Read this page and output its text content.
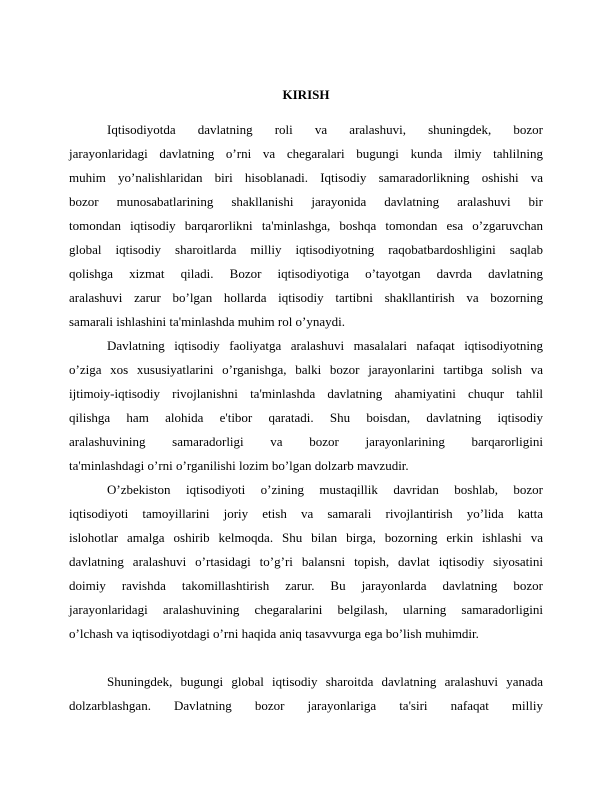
KIRISH
Iqtisodiyotda davlatning roli va aralashuvi, shuningdek, bozor
jarayonlaridagi davlatning o’rni va chegaralari bugungi kunda ilmiy tahlilning
muhim yo’nalishlaridan biri hisoblanadi. Iqtisodiy samaradorlikning oshishi va
bozor munosabatlarining shakllanishi jarayonida davlatning aralashuvi bir
tomondan iqtisodiy barqarorlikni ta'minlashga, boshqa tomondan esa o’zgaruvchan
global iqtisodiy sharoitlarda milliy iqtisodiyotning raqobatbardoshligini saqlab
qolishga xizmat qiladi. Bozor iqtisodiyotiga o’tayotgan davrda davlatning
aralashuvi zarur bo’lgan hollarda iqtisodiy tartibni shakllantirish va bozorning
samarali ishlashini ta'minlashda muhim rol o’ynaydi.
Davlatning iqtisodiy faoliyatga aralashuvi masalalari nafaqat iqtisodiyotning
o’ziga xos xususiyatlarini o’rganishga, balki bozor jarayonlarini tartibga solish va
ijtimoiy-iqtisodiy rivojlanishni ta'minlashda davlatning ahamiyatini chuqur tahlil
qilishga ham alohida e'tibor qaratadi. Shu boisdan, davlatning iqtisodiy
aralashuvining samaradorligi va bozor jarayonlarining barqarorligini
ta'minlashdagi o’rni o’rganilishi lozim bo’lgan dolzarb mavzudir.
O’zbekiston iqtisodiyoti o’zining mustaqillik davridan boshlab, bozor
iqtisodiyoti tamoyillarini joriy etish va samarali rivojlantirish yo’lida katta
islohotlar amalga oshirib kelmoqda. Shu bilan birga, bozorning erkin ishlashi va
davlatning aralashuvi o’rtasidagi to’g’ri balansni topish, davlat iqtisodiy siyosatini
doimiy ravishda takomillashtirish zarur. Bu jarayonlarda davlatning bozor
jarayonlaridagi aralashuvining chegaralarini belgilash, ularning samaradorligini
o’lchash va iqtisodiyotdagi o’rni haqida aniq tasavvurga ega bo’lish muhimdir.
Shuningdek, bugungi global iqtisodiy sharoitda davlatning aralashuvi yanada
dolzarblashgan. Davlatning bozor jarayonlariga ta'siri nafaqat milliy
